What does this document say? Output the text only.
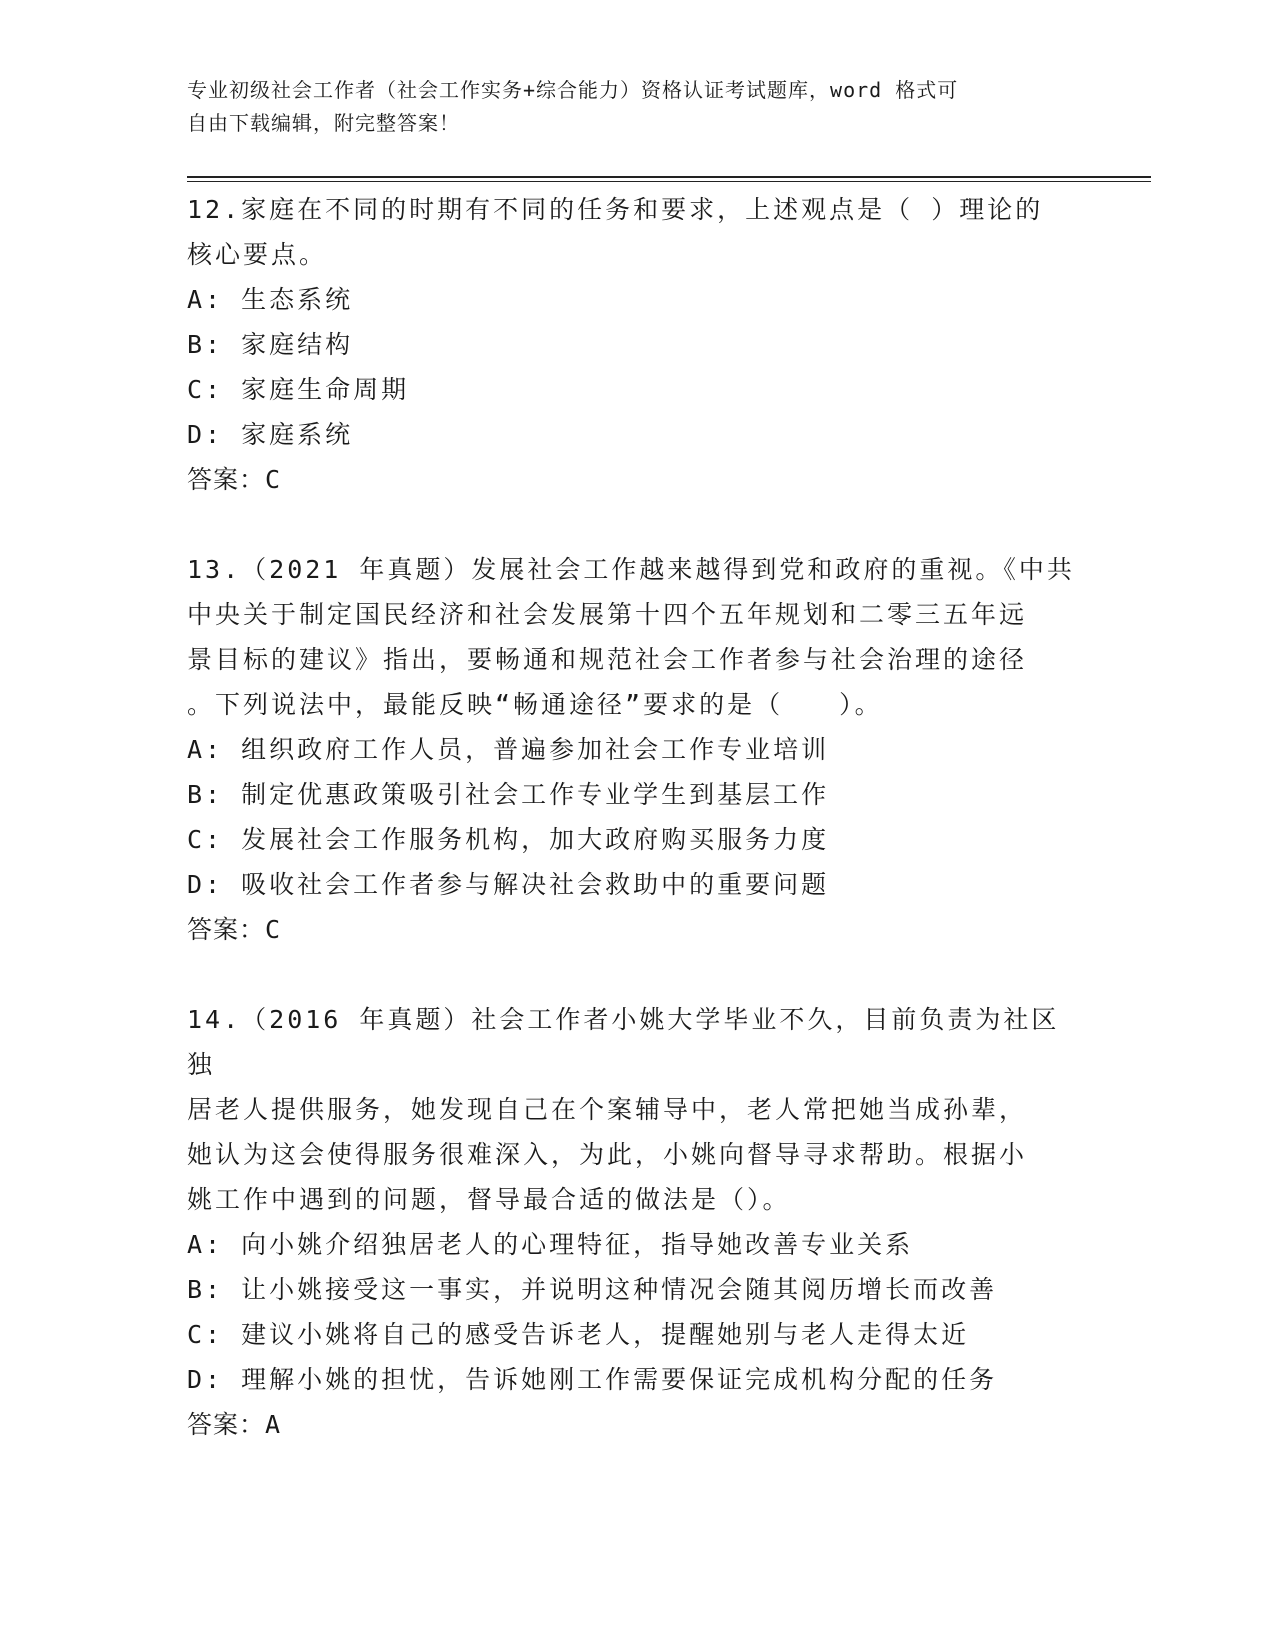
专业初级社会工作者（社会工作实务+综合能力）资格认证考试题库，word 格式可
自由下载编辑，附完整答案！
12.家庭在不同的时期有不同的任务和要求，上述观点是（ ）理论的
核心要点。
A: 生态系统
B: 家庭结构
C: 家庭生命周期
D: 家庭系统
答案：C
13.（2021 年真题）发展社会工作越来越得到党和政府的重视。《中共
中央关于制定国民经济和社会发展第十四个五年规划和二零三五年远
景目标的建议》指出，要畅通和规范社会工作者参与社会治理的途径
。下列说法中，最能反映“畅通途径”要求的是（　　）。
A: 组织政府工作人员，普遍参加社会工作专业培训
B: 制定优惠政策吸引社会工作专业学生到基层工作
C: 发展社会工作服务机构，加大政府购买服务力度
D: 吸收社会工作者参与解决社会救助中的重要问题
答案：C
14.（2016 年真题）社会工作者小姚大学毕业不久，目前负责为社区独
居老人提供服务，她发现自己在个案辅导中，老人常把她当成孙辈，
她认为这会使得服务很难深入，为此，小姚向督导寻求帮助。根据小
姚工作中遇到的问题，督导最合适的做法是（）。
A: 向小姚介绍独居老人的心理特征，指导她改善专业关系
B: 让小姚接受这一事实，并说明这种情况会随其阅历增长而改善
C: 建议小姚将自己的感受告诉老人，提醒她别与老人走得太近
D: 理解小姚的担忧，告诉她刚工作需要保证完成机构分配的任务
答案：A
